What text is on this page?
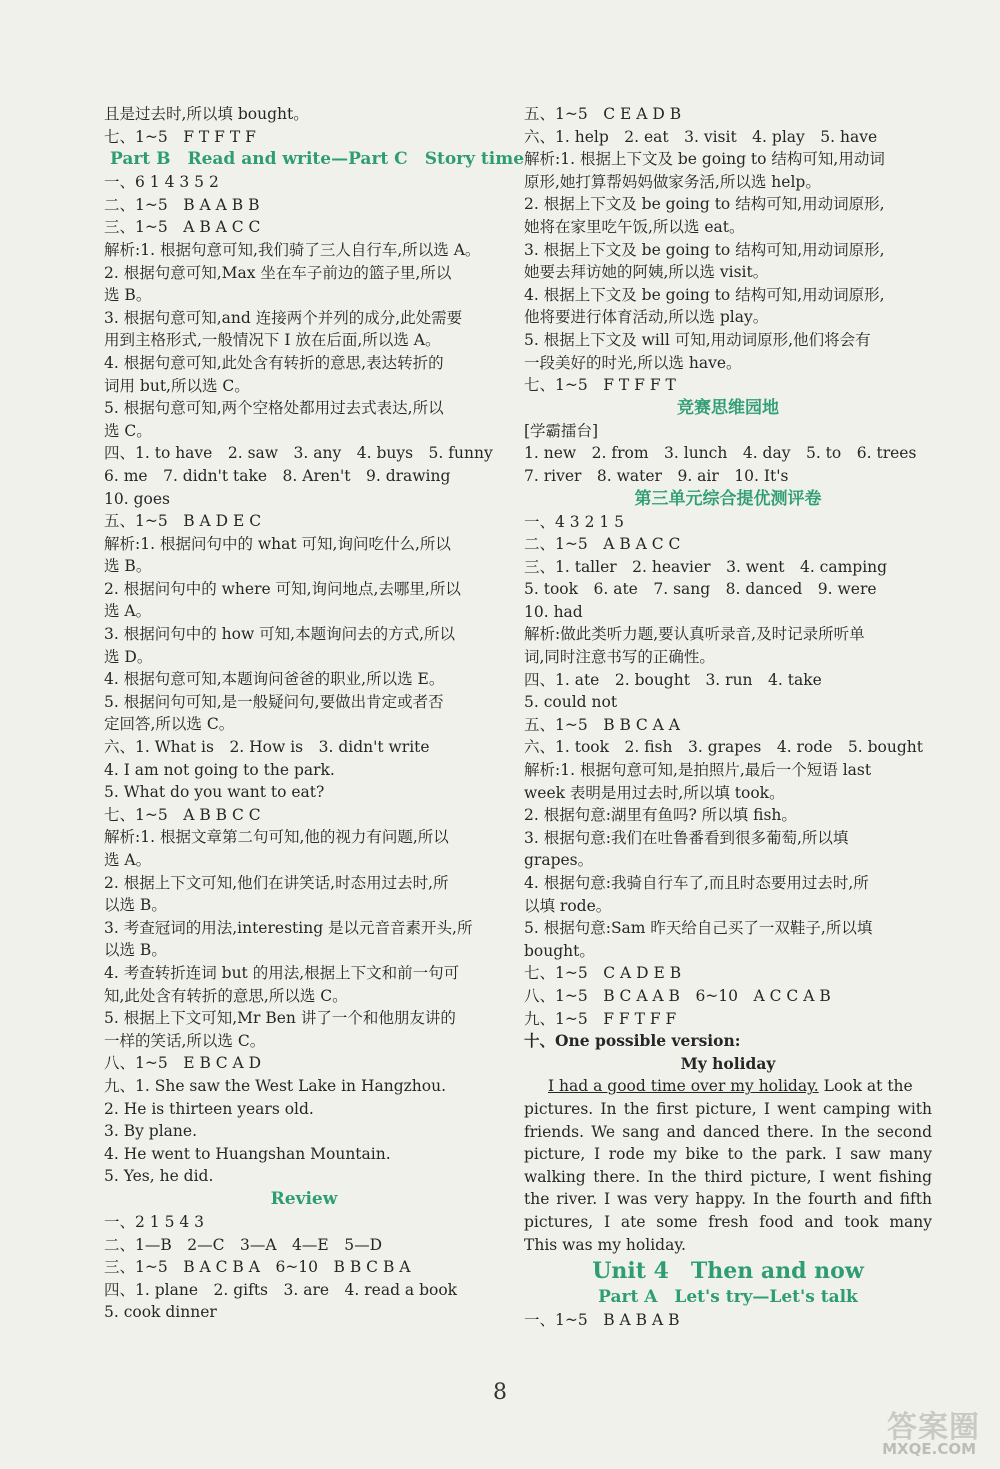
且是过去时,所以填 bought。
七、1~5　F T F T F
Part B　Read and write—Part C　Story time
一、6 1 4 3 5 2
二、1~5　B A A B B
三、1~5　A B A C C
解析:1. 根据句意可知,我们骑了三人自行车,所以选 A。
2. 根据句意可知,Max 坐在车子前边的篮子里,所以
选 B。
3. 根据句意可知,and 连接两个并列的成分,此处需要
用到主格形式,一般情况下 I 放在后面,所以选 A。
4. 根据句意可知,此处含有转折的意思,表达转折的
词用 but,所以选 C。
5. 根据句意可知,两个空格处都用过去式表达,所以
选 C。
四、1. to have　2. saw　3. any　4. buys　5. funny
6. me　7. didn't take　8. Aren't　9. drawing
10. goes
五、1~5　B A D E C
解析:1. 根据问句中的 what 可知,询问吃什么,所以
选 B。
2. 根据问句中的 where 可知,询问地点,去哪里,所以
选 A。
3. 根据问句中的 how 可知,本题询问去的方式,所以
选 D。
4. 根据句意可知,本题询问爸爸的职业,所以选 E。
5. 根据问句可知,是一般疑问句,要做出肯定或者否
定回答,所以选 C。
六、1. What is　2. How is　3. didn't write
4. I am not going to the park.
5. What do you want to eat?
七、1~5　A B B C C
解析:1. 根据文章第二句可知,他的视力有问题,所以
选 A。
2. 根据上下文可知,他们在讲笑话,时态用过去时,所
以选 B。
3. 考查冠词的用法,interesting 是以元音音素开头,所
以选 B。
4. 考查转折连词 but 的用法,根据上下文和前一句可
知,此处含有转折的意思,所以选 C。
5. 根据上下文可知,Mr Ben 讲了一个和他朋友讲的
一样的笑话,所以选 C。
八、1~5　E B C A D
九、1. She saw the West Lake in Hangzhou.
2. He is thirteen years old.
3. By plane.
4. He went to Huangshan Mountain.
5. Yes, he did.
Review
一、2 1 5 4 3
二、1—B　2—C　3—A　4—E　5—D
三、1~5　B A C B A　6~10　B B C B A
四、1. plane　2. gifts　3. are　4. read a book
5. cook dinner
五、1~5　C E A D B
六、1. help　2. eat　3. visit　4. play　5. have
解析:1. 根据上下文及 be going to 结构可知,用动词
原形,她打算帮妈妈做家务活,所以选 help。
2. 根据上下文及 be going to 结构可知,用动词原形,
她将在家里吃午饭,所以选 eat。
3. 根据上下文及 be going to 结构可知,用动词原形,
她要去拜访她的阿姨,所以选 visit。
4. 根据上下文及 be going to 结构可知,用动词原形,
他将要进行体育活动,所以选 play。
5. 根据上下文及 will 可知,用动词原形,他们将会有
一段美好的时光,所以选 have。
七、1~5　F T F F T
竞赛思维园地
[学霸擂台]
1. new　2. from　3. lunch　4. day　5. to　6. trees
7. river　8. water　9. air　10. It's
第三单元综合提优测评卷
一、4 3 2 1 5
二、1~5　A B A C C
三、1. taller　2. heavier　3. went　4. camping
5. took　6. ate　7. sang　8. danced　9. were
10. had
解析:做此类听力题,要认真听录音,及时记录所听单
词,同时注意书写的正确性。
四、1. ate　2. bought　3. run　4. take
5. could not
五、1~5　B B C A A
六、1. took　2. fish　3. grapes　4. rode　5. bought
解析:1. 根据句意可知,是拍照片,最后一个短语 last
week 表明是用过去时,所以填 took。
2. 根据句意:湖里有鱼吗? 所以填 fish。
3. 根据句意:我们在吐鲁番看到很多葡萄,所以填
grapes。
4. 根据句意:我骑自行车了,而且时态要用过去时,所
以填 rode。
5. 根据句意:Sam 昨天给自己买了一双鞋子,所以填
bought。
七、1~5　C A D E B
八、1~5　B C A A B　6~10　A C C A B
九、1~5　F F T F F
十、One possible version:
My holiday
I had a good time over my holiday. Look at the
pictures. In the first picture, I went camping with
friends. We sang and danced there. In the second
picture, I rode my bike to the park. I saw many
walking there. In the third picture, I went fishing
the river. I was very happy. In the fourth and fifth
pictures, I ate some fresh food and took many
This was my holiday.
Unit 4　Then and now
Part A　Let's try—Let's talk
一、1~5　B A B A B
8
答案圈
MXQE.COM
